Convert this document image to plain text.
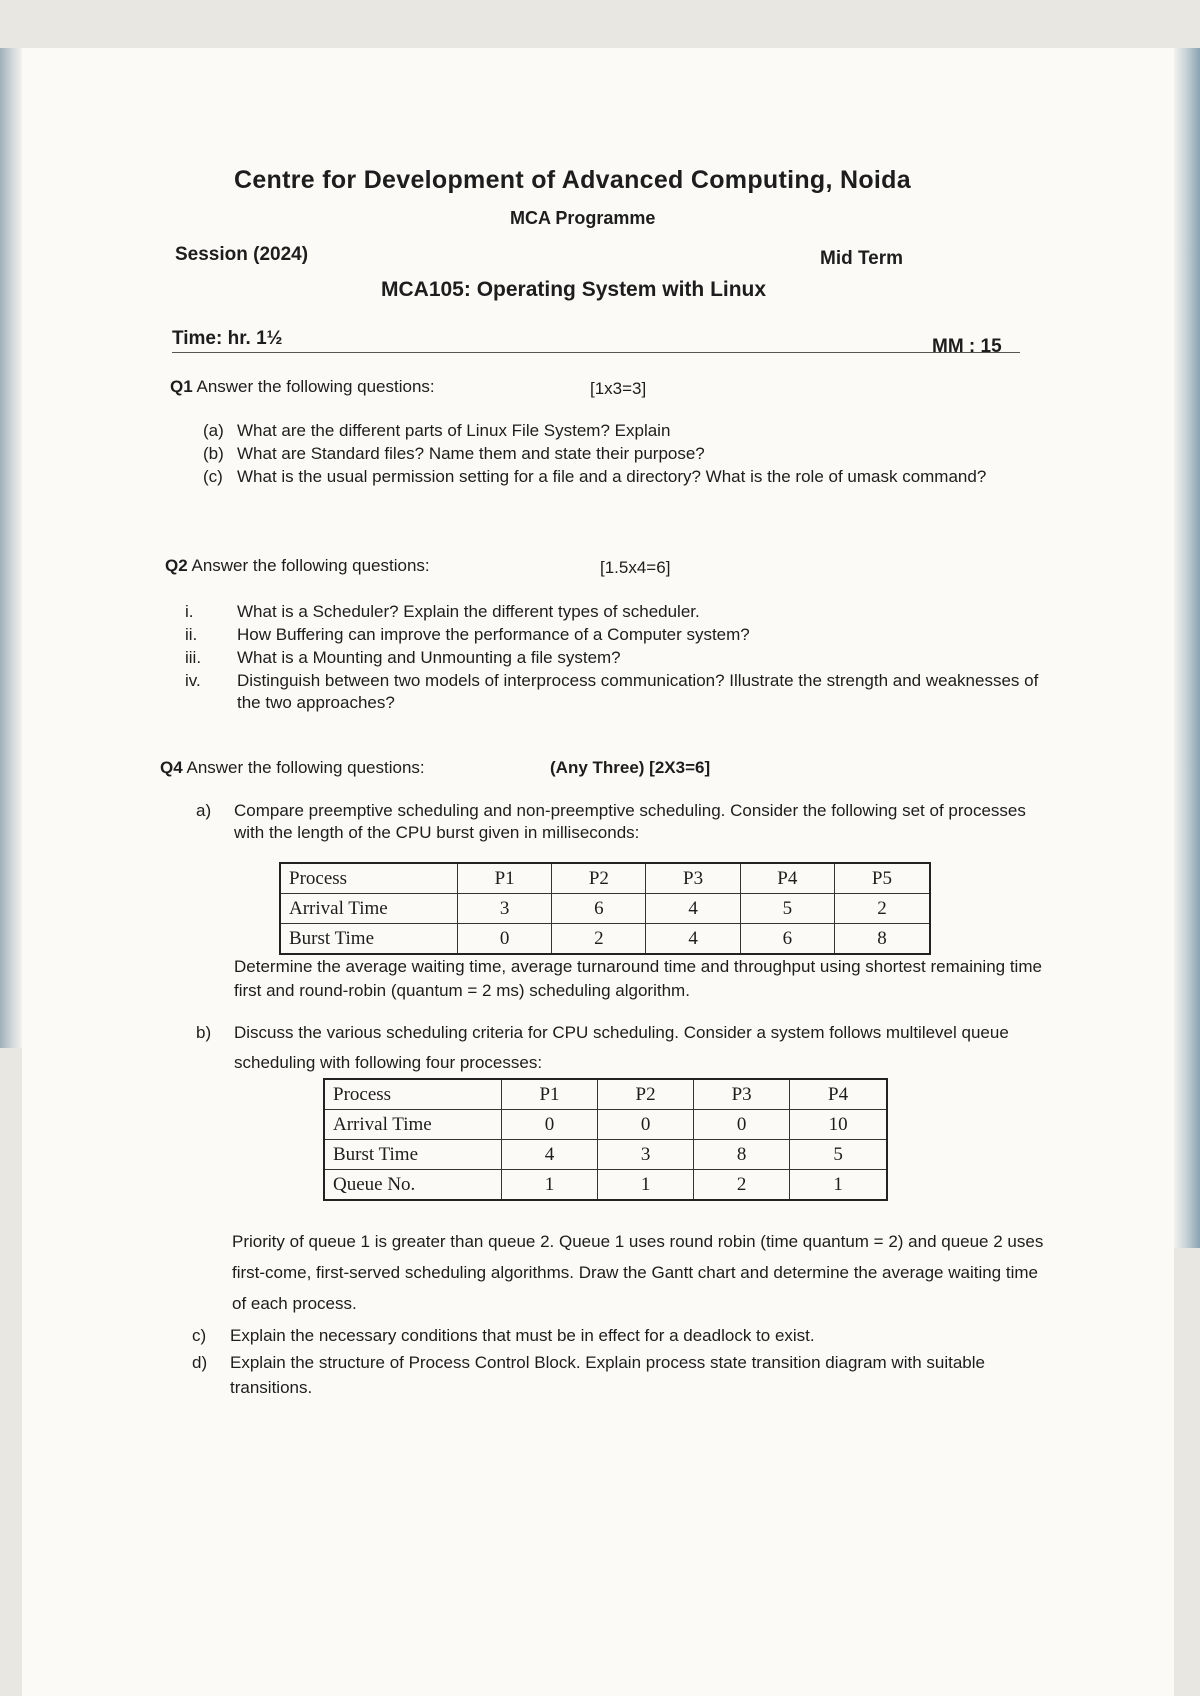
Centre for Development of Advanced Computing, Noida
MCA Programme
Session (2024)	Mid Term
MCA105: Operating System with Linux
Time: hr. 1½	MM : 15
Q1 Answer the following questions:	[1x3=3]
(a) What are the different parts of Linux File System? Explain
(b) What are Standard files? Name them and state their purpose?
(c) What is the usual permission setting for a file and a directory? What is the role of umask command?
Q2 Answer the following questions:	[1.5x4=6]
i.	What is a Scheduler? Explain the different types of scheduler.
ii. How Buffering can improve the performance of a Computer system?
iii. What is a Mounting and Unmounting a file system?
iv. Distinguish between two models of interprocess communication? Illustrate the strength and weaknesses of the two approaches?
Q4 Answer the following questions:	(Any Three) [2X3=6]
a) Compare preemptive scheduling and non-preemptive scheduling. Consider the following set of processes with the length of the CPU burst given in milliseconds:
Process	P1	P2	P3	P4	P5
Arrival Time	3	6	4	5	2
Burst Time	0	2	4	6	8
Determine the average waiting time, average turnaround time and throughput using shortest remaining time first and round-robin (quantum = 2 ms) scheduling algorithm.
b) Discuss the various scheduling criteria for CPU scheduling. Consider a system follows multilevel queue scheduling with following four processes:
Process	P1	P2	P3	P4
Arrival Time	0	0	0	10
Burst Time	4	3	8	5
Queue No.	1	1	2	1
Priority of queue 1 is greater than queue 2. Queue 1 uses round robin (time quantum = 2) and queue 2 uses first-come, first-served scheduling algorithms. Draw the Gantt chart and determine the average waiting time of each process.
c) Explain the necessary conditions that must be in effect for a deadlock to exist.
d) Explain the structure of Process Control Block. Explain process state transition diagram with suitable transitions.
